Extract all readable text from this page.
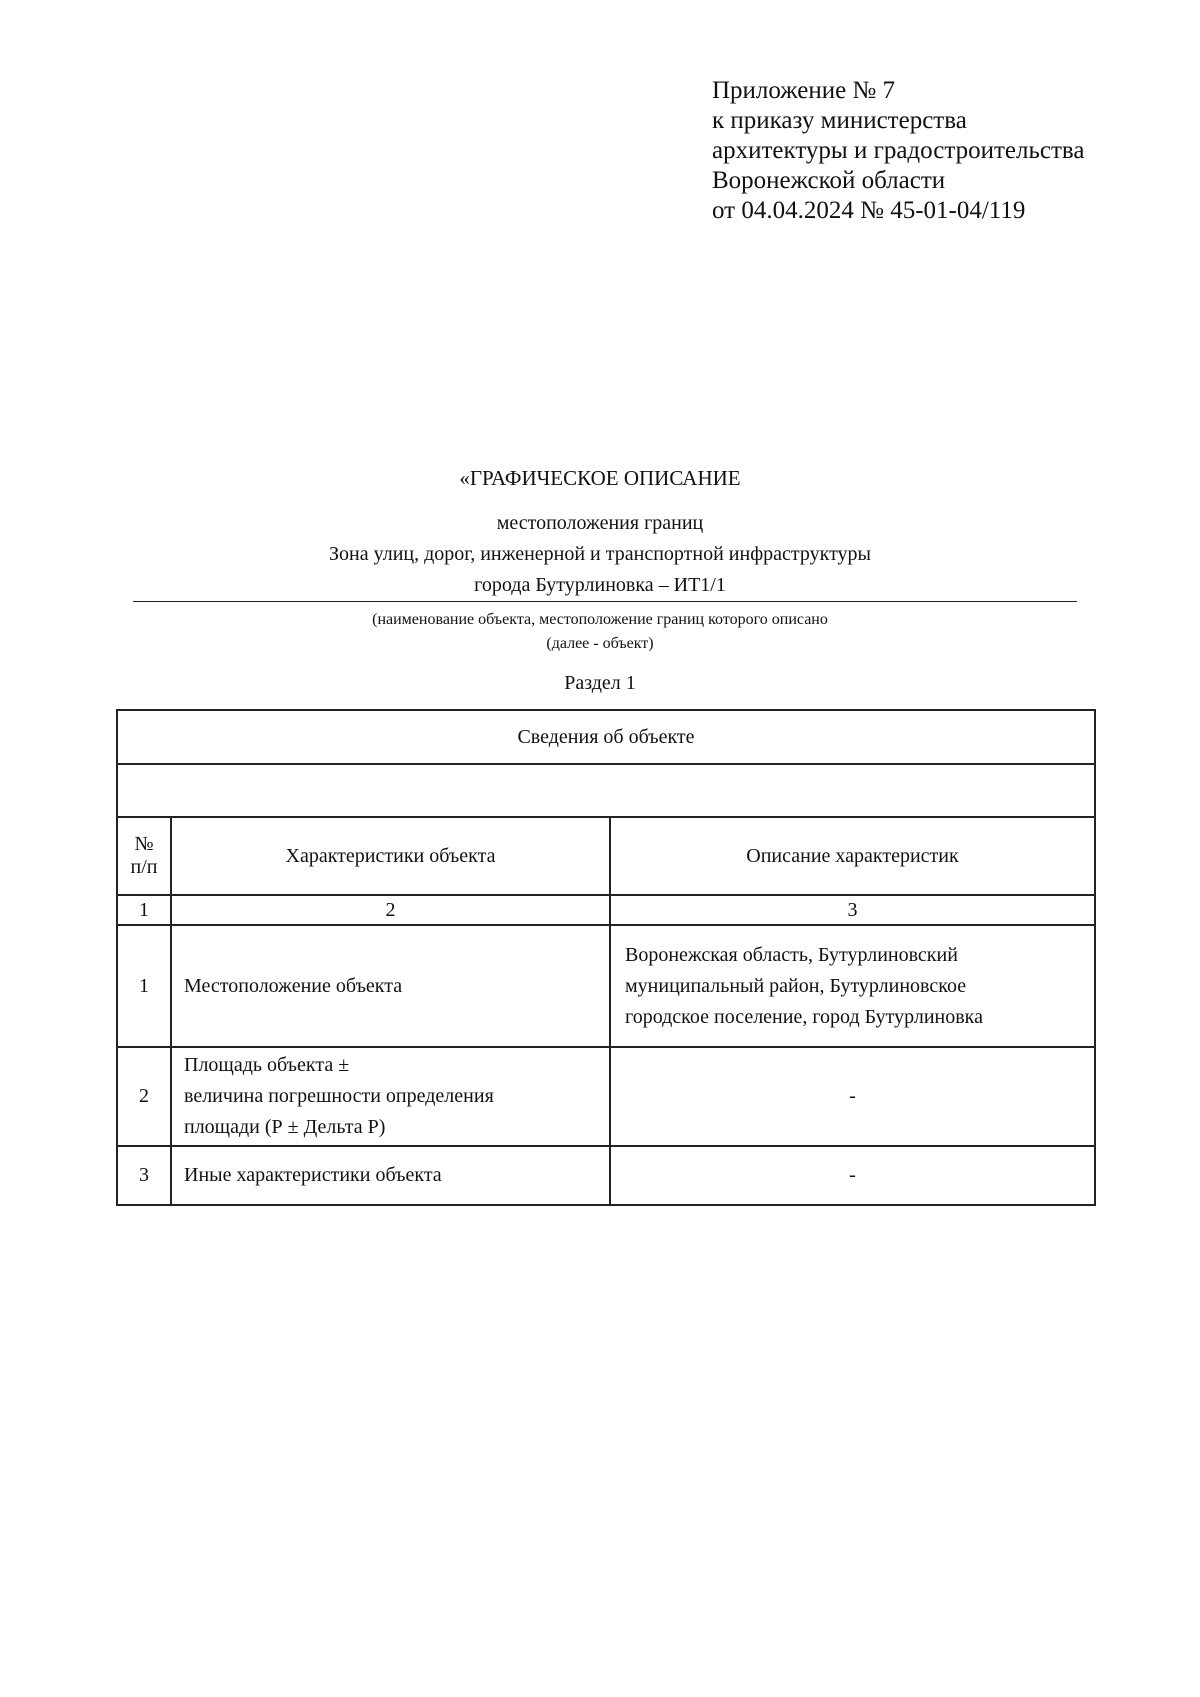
Приложение № 7
к приказу министерства
архитектуры и градостроительства
Воронежской области
от 04.04.2024 № 45-01-04/119
«ГРАФИЧЕСКОЕ ОПИСАНИЕ
местоположения границ
Зона улиц, дорог, инженерной и транспортной инфраструктуры
города Бутурлиновка – ИТ1/1
(наименование объекта, местоположение границ которого описано
(далее - объект)
Раздел 1
Сведения об объекте		

№
п/п	Характеристики объекта	Описание характеристик
1	2	3
1	Местоположение объекта	Воронежская область, Бутурлиновский
муниципальный район, Бутурлиновское
городское поселение, город Бутурлиновка

2	Площадь объекта ±
величина погрешности определения
площади (Р ± Дельта Р)	-

3	Иные характеристики объекта	-
